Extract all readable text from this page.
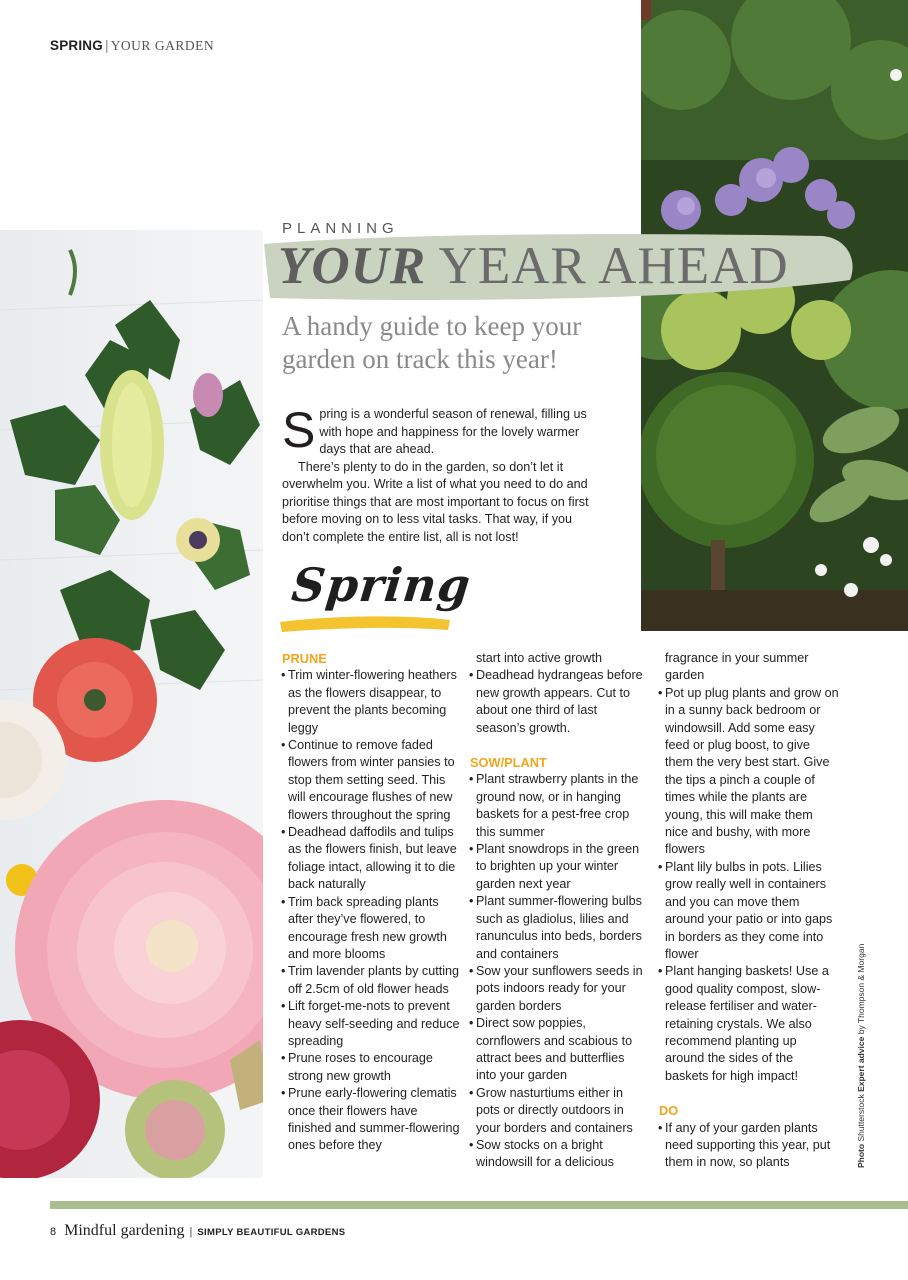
SPRING | YOUR GARDEN
PLANNING
YOUR YEAR AHEAD
A handy guide to keep your garden on track this year!

Spring is a wonderful season of renewal, filling us with hope and happiness for the lovely warmer days that are ahead.

There’s plenty to do in the garden, so don’t let it overwhelm you. Write a list of what you need to do and prioritise things that are most important to focus on first before moving on to less vital tasks. That way, if you don’t complete the entire list, all is not lost!

Spring
PRUNE
• Trim winter-flowering heathers as the flowers disappear, to prevent the plants becoming leggy
• Continue to remove faded flowers from winter pansies to stop them setting seed. This will encourage flushes of new flowers throughout the spring
• Deadhead daffodils and tulips as the flowers finish, but leave foliage intact, allowing it to die back naturally
• Trim back spreading plants after they’ve flowered, to encourage fresh new growth and more blooms
• Trim lavender plants by cutting off 2.5cm of old flower heads
• Lift forget-me-nots to prevent heavy self-seeding and reduce spreading
• Prune roses to encourage strong new growth
• Prune early-flowering clematis once their flowers have finished and summer-flowering ones before they
start into active growth
• Deadhead hydrangeas before new growth appears. Cut to about one third of last season’s growth.
SOW/PLANT
• Plant strawberry plants in the ground now, or in hanging baskets for a pest-free crop this summer
• Plant snowdrops in the green to brighten up your winter garden next year
• Plant summer-flowering bulbs such as gladiolus, lilies and ranunculus into beds, borders and containers
• Sow your sunflowers seeds in pots indoors ready for your garden borders
• Direct sow poppies, cornflowers and scabious to attract bees and butterflies into your garden
• Grow nasturtiums either in pots or directly outdoors in your borders and containers
• Sow stocks on a bright windowsill for a delicious
fragrance in your summer garden
• Pot up plug plants and grow on in a sunny back bedroom or windowsill. Add some easy feed or plug boost, to give them the very best start. Give the tips a pinch a couple of times while the plants are young, this will make them nice and bushy, with more flowers
• Plant lily bulbs in pots. Lilies grow really well in containers and you can move them around your patio or into gaps in borders as they come into flower
• Plant hanging baskets! Use a good quality compost, slow-release fertiliser and water-retaining crystals. We also recommend planting up around the sides of the baskets for high impact!
DO
• If any of your garden plants need supporting this year, put them in now, so plants	Photo Shutterstock Expert advice by Thompson & Morgan
8 Mindful gardening | SIMPLY BEAUTIFUL GARDENS
